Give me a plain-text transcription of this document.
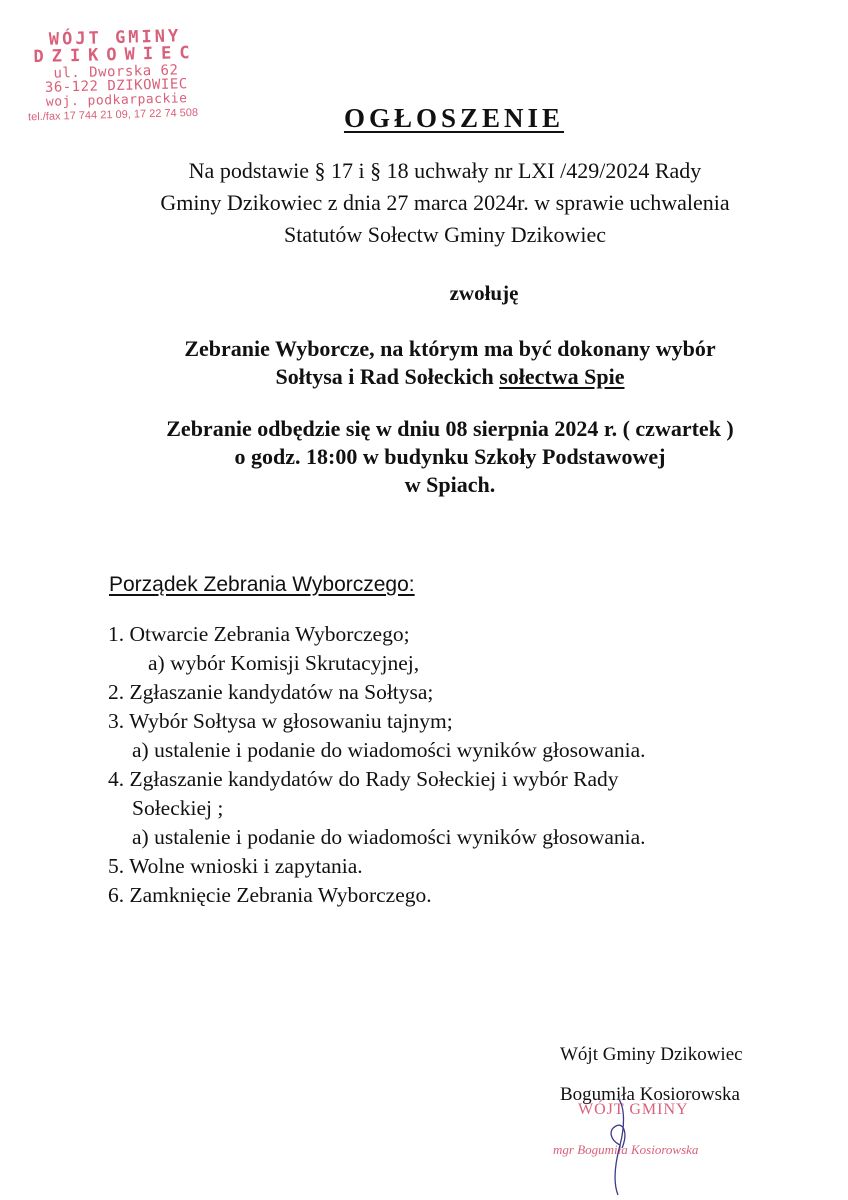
WÓJT GMINY
DZIKOWIEC
ul. Dworska 62
36-122 DZIKOWIEC
woj. podkarpackie
tel./fax 17 744 21 09, 17 22 74 508	OGŁOSZENIE
Na podstawie § 17 i § 18 uchwały nr LXI /429/2024 Rady
Gminy Dzikowiec z dnia 27 marca 2024r. w sprawie uchwalenia
Statutów Sołectw Gminy Dzikowiec
zwołuję
Zebranie Wyborcze, na którym ma być dokonany wybór
Sołtysa i Rad Sołeckich sołectwa Spie
Zebranie odbędzie się w dniu 08 sierpnia 2024 r. ( czwartek )
o godz. 18:00 w budynku Szkoły Podstawowej
w Spiach.
Porządek Zebrania Wyborczego:
1. Otwarcie Zebrania Wyborczego;
a) wybór Komisji Skrutacyjnej,
2. Zgłaszanie kandydatów na Sołtysa;
3. Wybór Sołtysa w głosowaniu tajnym;
a) ustalenie i podanie do wiadomości wyników głosowania.
4. Zgłaszanie kandydatów do Rady Sołeckiej i wybór Rady
Sołeckiej ;
a) ustalenie i podanie do wiadomości wyników głosowania.
5. Wolne wnioski i zapytania.
6. Zamknięcie Zebrania Wyborczego.
Wójt Gminy Dzikowiec
Bogumiła Kosiorowska
WÓJT GMINY
mgr Bogumiła Kosiorowska
